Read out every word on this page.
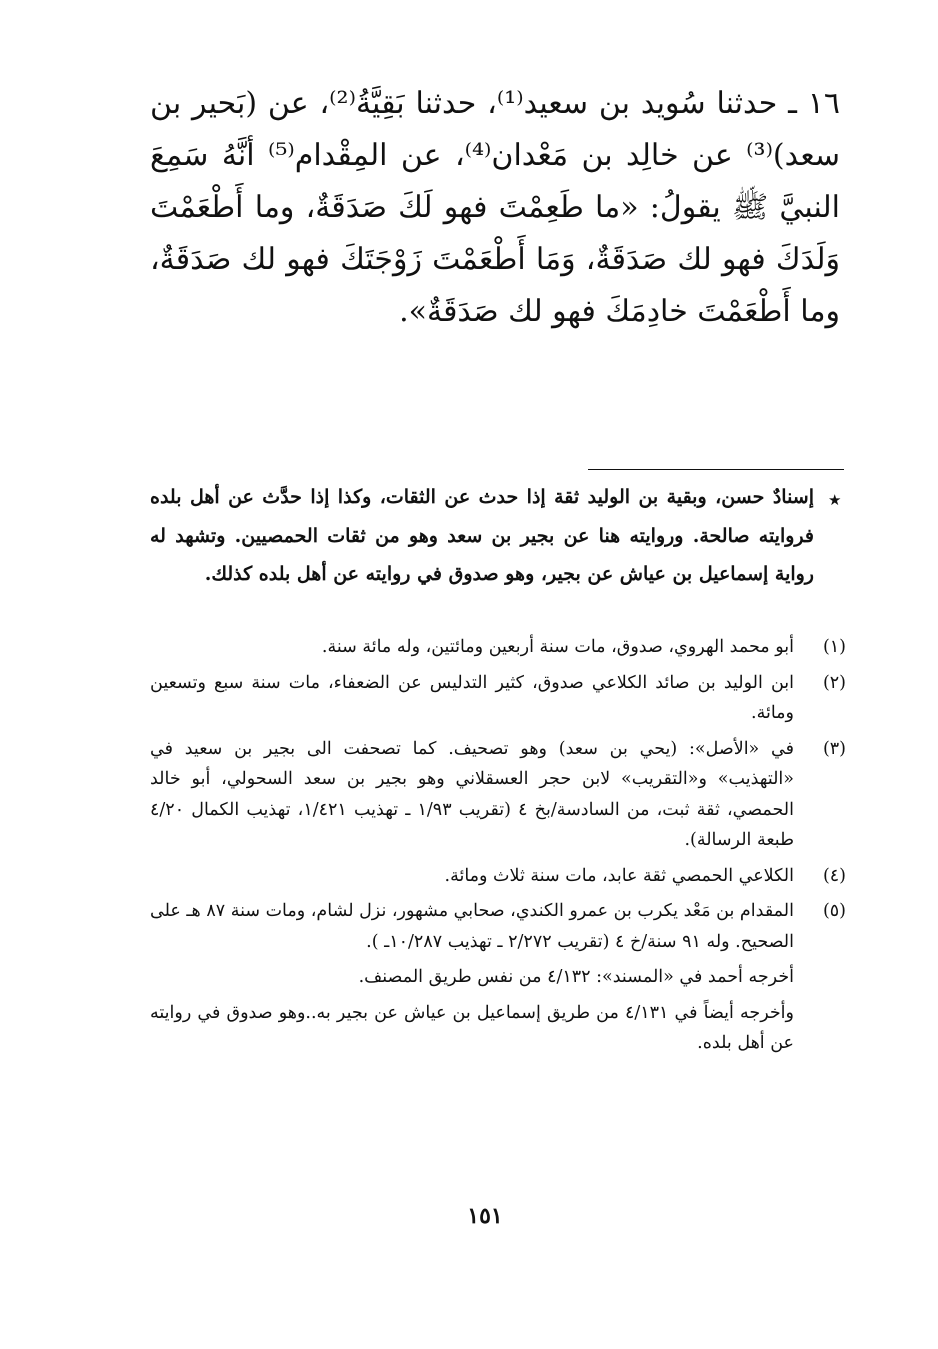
١٦ ـ حدثنا سُويد بن سعيد⁽¹⁾، حدثنا بَقِيَّةُ⁽²⁾، عن (بَحير بن سعد)⁽³⁾ عن خالِد بن مَعْدان⁽⁴⁾، عن المِقْدام⁽⁵⁾ أنَّهُ سَمِعَ النبيَّ ﷺ يقولُ: «ما طَعِمْتَ فهو لَكَ صَدَقَةٌ، وما أَطْعَمْتَ وَلَدَكَ فهو لك صَدَقَةٌ، وَمَا أَطْعَمْتَ زَوْجَتَكَ فهو لك صَدَقَةٌ، وما أَطْعَمْتَ خادِمَكَ فهو لك صَدَقَةٌ».

★

إسنادٌ حسن، وبقية بن الوليد ثقة إذا حدث عن الثقات، وكذا إذا حدَّث عن أهل بلده فروايته صالحة. وروايته هنا عن بجير بن سعد وهو من ثقات الحمصيين. وتشهد له رواية إسماعيل بن عياش عن بجير، وهو صدوق في روايته عن أهل بلده كذلك.

(١)

أبو محمد الهروي، صدوق، مات سنة أربعين ومائتين، وله مائة سنة.

(٢)

ابن الوليد بن صائد الكلاعي صدوق، كثير التدليس عن الضعفاء، مات سنة سبع وتسعين ومائة.

(٣)

في «الأصل»: (يحي بن سعد) وهو تصحيف. كما تصحفت الى بجير بن سعيد في «التهذيب» و«التقريب» لابن حجر العسقلاني وهو بجير بن سعد السحولي، أبو خالد الحمصي، ثقة ثبت، من السادسة/بخ ٤ (تقريب ١/٩٣ ـ تهذيب ١/٤٢١، تهذيب الكمال ٤/٢٠ طبعة الرسالة).

(٤)

الكلاعي الحمصي ثقة عابد، مات سنة ثلاث ومائة.

(٥)

المقدام بن مَعْد يكرب بن عمرو الكندي، صحابي مشهور، نزل لشام، ومات سنة ٨٧ هـ على الصحيح. وله ٩١ سنة/خ ٤ (تقريب ٢/٢٧٢ ـ تهذيب ١٠/٢٨٧ـ ).

أخرجه أحمد في «المسند»: ٤/١٣٢ من نفس طريق المصنف.

وأخرجه أيضاً في ٤/١٣١ من طريق إسماعيل بن عياش عن بجير به..وهو صدوق في روايته عن أهل بلده.

١٥١
